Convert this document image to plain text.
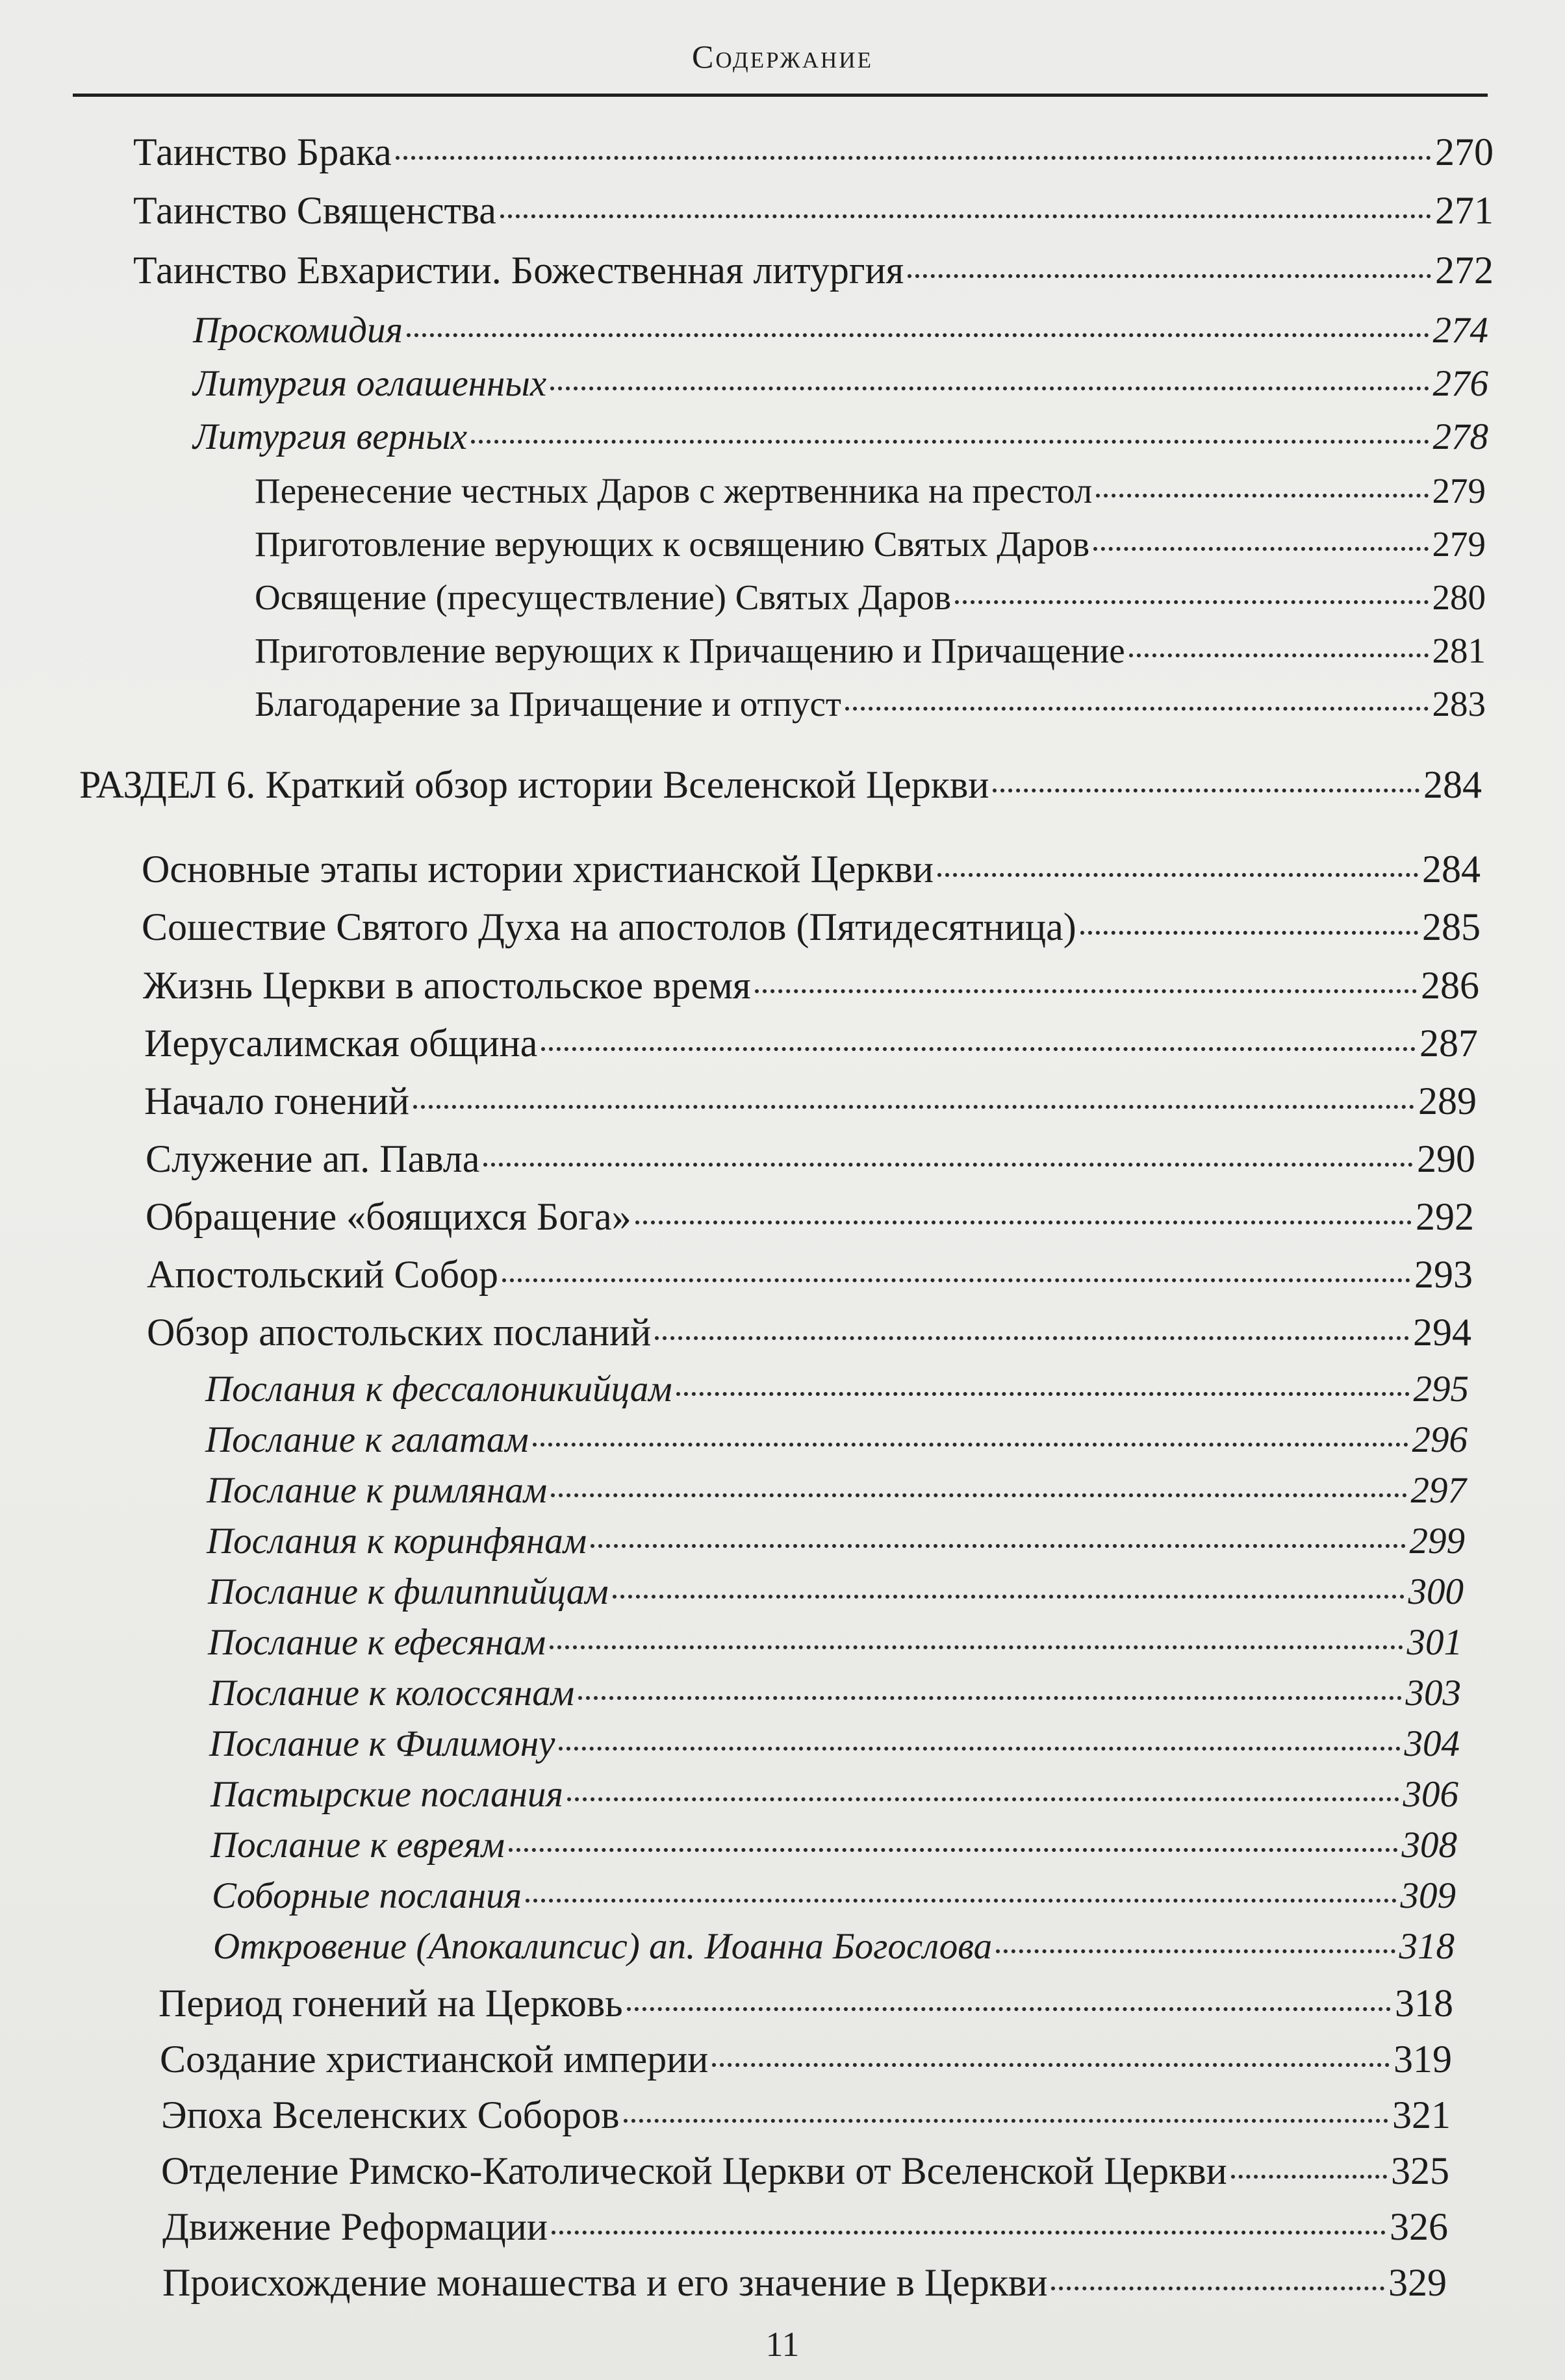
Содержание
Таинство Брака	270
Таинство Священства	271
Таинство Евхаристии. Божественная литургия	272
Проскомидия	274
Литургия оглашенных	276
Литургия верных	278
Перенесение честных Даров с жертвенника на престол	279
Приготовление верующих к освящению Святых Даров	279
Освящение (пресуществление) Святых Даров	280
Приготовление верующих к Причащению и Причащение	281
Благодарение за Причащение и отпуст	283
РАЗДЕЛ 6. Краткий обзор истории Вселенской Церкви	284
Основные этапы истории христианской Церкви	284
Сошествие Святого Духа на апостолов (Пятидесятница)	285
Жизнь Церкви в апостольское время	286
Иерусалимская община	287
Начало гонений	289
Служение ап. Павла	290
Обращение «боящихся Бога»	292
Апостольский Собор	293
Обзор апостольских посланий	294
Послания к фессалоникийцам	295
Послание к галатам	296
Послание к римлянам	297
Послания к коринфянам	299
Послание к филиппийцам	300
Послание к ефесянам	301
Послание к колоссянам	303
Послание к Филимону	304
Пастырские послания	306
Послание к евреям	308
Соборные послания	309
Откровение (Апокалипсис) ап. Иоанна Богослова	318
Период гонений на Церковь	318
Создание христианской империи	319
Эпоха Вселенских Соборов	321
Отделение Римско-Католической Церкви от Вселенской Церкви	325
Движение Реформации	326
Происхождение монашества и его значение в Церкви	329
11
